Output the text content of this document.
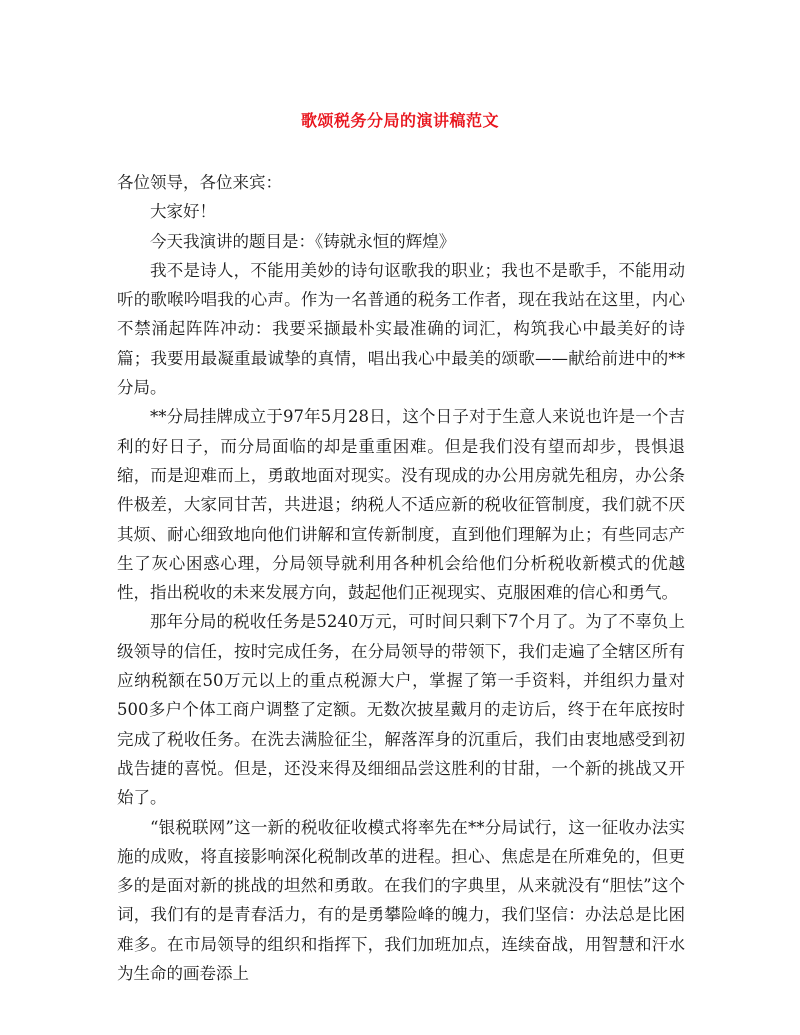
歌颂税务分局的演讲稿范文

各位领导，各位来宾：

大家好！

今天我演讲的题目是：《铸就永恒的辉煌》

我不是诗人，不能用美妙的诗句讴歌我的职业；我也不是歌手，不能用动听的歌喉吟唱我的心声。作为一名普通的税务工作者，现在我站在这里，内心不禁涌起阵阵冲动：我要采撷最朴实最准确的词汇，构筑我心中最美好的诗篇；我要用最凝重最诚挚的真情，唱出我心中最美的颂歌——献给前进中的**分局。

**分局挂牌成立于97年5月28日，这个日子对于生意人来说也许是一个吉利的好日子，而分局面临的却是重重困难。但是我们没有望而却步，畏惧退缩，而是迎难而上，勇敢地面对现实。没有现成的办公用房就先租房，办公条件极差，大家同甘苦，共进退；纳税人不适应新的税收征管制度，我们就不厌其烦、耐心细致地向他们讲解和宣传新制度，直到他们理解为止；有些同志产生了灰心困惑心理，分局领导就利用各种机会给他们分析税收新模式的优越性，指出税收的未来发展方向，鼓起他们正视现实、克服困难的信心和勇气。

那年分局的税收任务是5240万元，可时间只剩下7个月了。为了不辜负上级领导的信任，按时完成任务，在分局领导的带领下，我们走遍了全辖区所有应纳税额在50万元以上的重点税源大户，掌握了第一手资料，并组织力量对500多户个体工商户调整了定额。无数次披星戴月的走访后，终于在年底按时完成了税收任务。在洗去满脸征尘，解落浑身的沉重后，我们由衷地感受到初战告捷的喜悦。但是，还没来得及细细品尝这胜利的甘甜，一个新的挑战又开始了。

“银税联网”这一新的税收征收模式将率先在**分局试行，这一征收办法实施的成败，将直接影响深化税制改革的进程。担心、焦虑是在所难免的，但更多的是面对新的挑战的坦然和勇敢。在我们的字典里，从来就没有“胆怯”这个词，我们有的是青春活力，有的是勇攀险峰的魄力，我们坚信：办法总是比困难多。在市局领导的组织和指挥下，我们加班加点，连续奋战，用智慧和汗水为生命的画卷添上
